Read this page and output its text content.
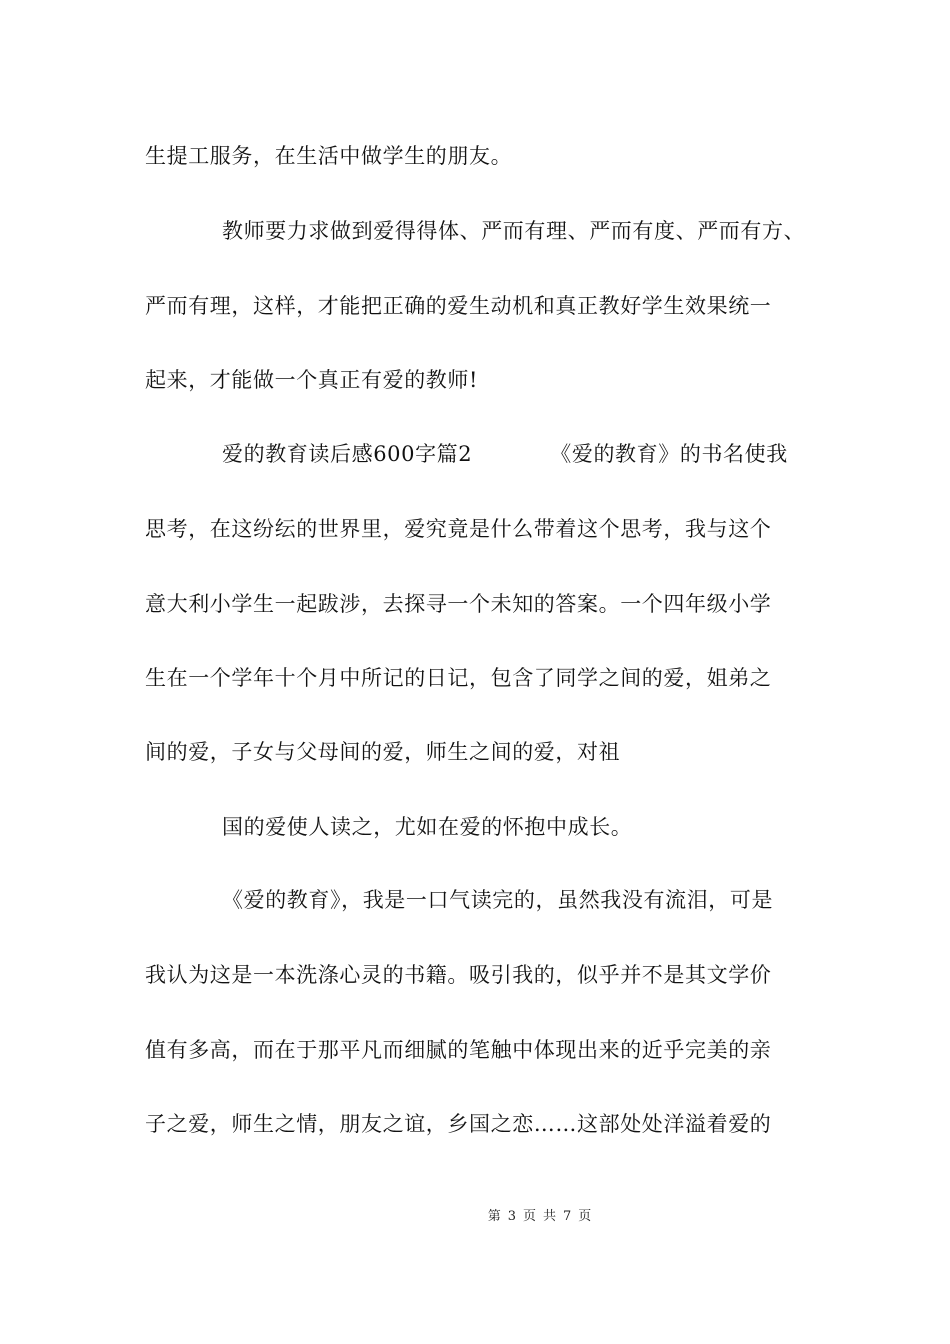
生提工服务，在生活中做学生的朋友。
教师要力求做到爱得得体、严而有理、严而有度、严而有方、
严而有理，这样，才能把正确的爱生动机和真正教好学生效果统一
起来，才能做一个真正有爱的教师!
爱的教育读后感600字篇2	《爱的教育》的书名使我
思考，在这纷纭的世界里，爱究竟是什么带着这个思考，我与这个
意大利小学生一起跋涉，去探寻一个未知的答案。一个四年级小学
生在一个学年十个月中所记的日记，包含了同学之间的爱，姐弟之
间的爱，子女与父母间的爱，师生之间的爱，对祖
国的爱使人读之，尤如在爱的怀抱中成长。
《爱的教育》，我是一口气读完的，虽然我没有流泪，可是
我认为这是一本洗涤心灵的书籍。吸引我的，似乎并不是其文学价
值有多高，而在于那平凡而细腻的笔触中体现出来的近乎完美的亲
子之爱，师生之情，朋友之谊，乡国之恋……这部处处洋溢着爱的
第 3 页 共 7 页
